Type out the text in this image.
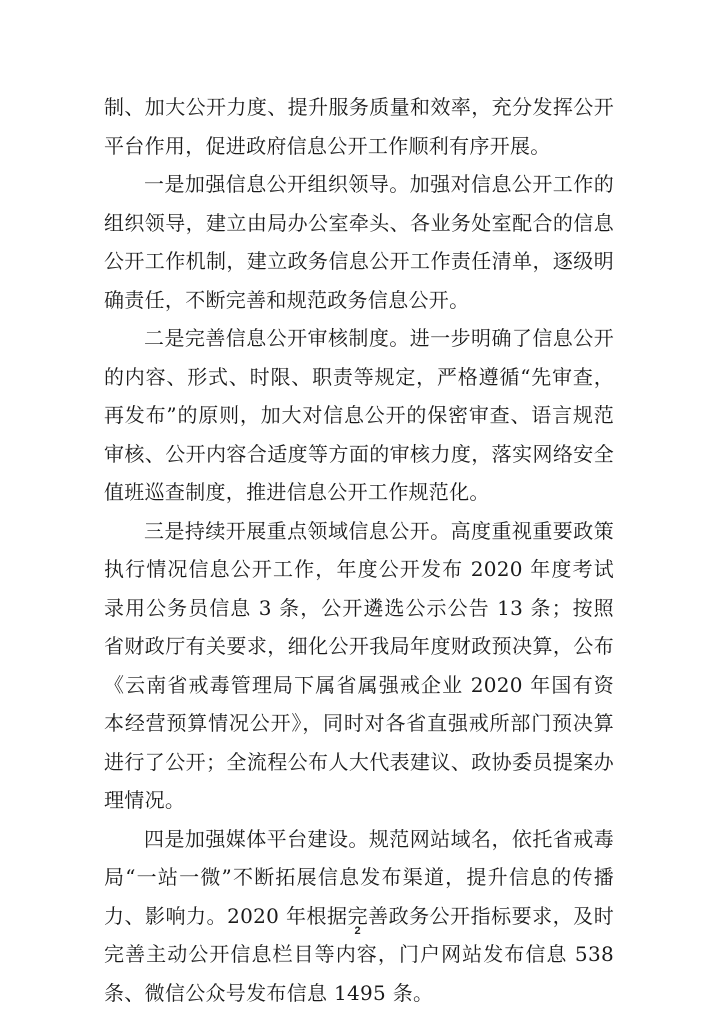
制、加大公开力度、提升服务质量和效率，充分发挥公开平台作用，促进政府信息公开工作顺利有序开展。

一是加强信息公开组织领导。加强对信息公开工作的组织领导，建立由局办公室牵头、各业务处室配合的信息公开工作机制，建立政务信息公开工作责任清单，逐级明确责任，不断完善和规范政务信息公开。

二是完善信息公开审核制度。进一步明确了信息公开的内容、形式、时限、职责等规定，严格遵循“先审查，再发布”的原则，加大对信息公开的保密审查、语言规范审核、公开内容合适度等方面的审核力度，落实网络安全值班巡查制度，推进信息公开工作规范化。

三是持续开展重点领域信息公开。高度重视重要政策执行情况信息公开工作，年度公开发布 2020 年度考试录用公务员信息 3 条，公开遴选公示公告 13 条；按照省财政厅有关要求，细化公开我局年度财政预决算，公布《云南省戒毒管理局下属省属强戒企业 2020 年国有资本经营预算情况公开》，同时对各省直强戒所部门预决算进行了公开；全流程公布人大代表建议、政协委员提案办理情况。

四是加强媒体平台建设。规范网站域名，依托省戒毒局“一站一微”不断拓展信息发布渠道，提升信息的传播力、影响力。2020 年根据完善政务公开指标要求，及时完善主动公开信息栏目等内容，门户网站发布信息 538 条、微信公众号发布信息 1495 条。

2
